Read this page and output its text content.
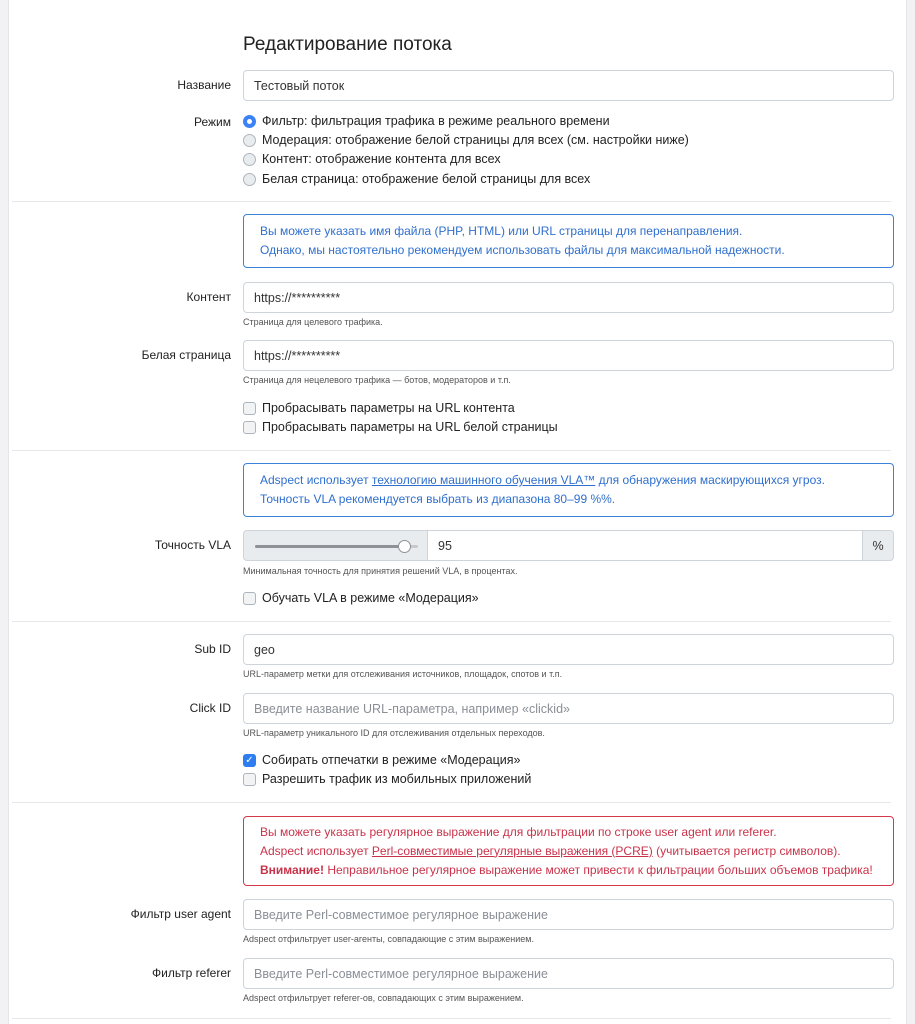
Редактирование потока
Название	Тестовый поток
Режим Фильтр: фильтрация трафика в режиме реального времени
Модерация: отображение белой страницы для всех (см. настройки ниже)
Контент: отображение контента для всех
Белая страница: отображение белой страницы для всех
Вы можете указать имя файла (PHP, HTML) или URL страницы для перенаправления.
Однако, мы настоятельно рекомендуем использовать файлы для максимальной надежности.
Контент	https://**********
Страница для целевого трафика.
Белая страница	https://**********
Страница для нецелевого трафика — ботов, модераторов и т.п.
Пробрасывать параметры на URL контента
Пробрасывать параметры на URL белой страницы
Adspect использует технологию машинного обучения VLA™ для обнаружения маскирующихся угроз.
Точность VLA рекомендуется выбрать из диапазона 80–99 %%.
Точность VLA	95	%
Минимальная точность для принятия решений VLA, в процентах.
Обучать VLA в режиме «Модерация»
Sub ID	geo
URL-параметр метки для отслеживания источников, площадок, спотов и т.п.
Click ID	Введите название URL-параметра, например «clickid»
URL-параметр уникального ID для отслеживания отдельных переходов.
✓ Собирать отпечатки в режиме «Модерация»
Разрешить трафик из мобильных приложений
Вы можете указать регулярное выражение для фильтрации по строке user agent или referer.
Adspect использует Perl-совместимые регулярные выражения (PCRE) (учитывается регистр символов).
Внимание! Неправильное регулярное выражение может привести к фильтрации больших объемов трафика!
Фильтр user agent	Введите Perl-совместимое регулярное выражение
Adspect отфильтрует user-агенты, совпадающие с этим выражением.
Фильтр referer	Введите Perl-совместимое регулярное выражение
Adspect отфильтрует referer-ов, совпадающих с этим выражением.
